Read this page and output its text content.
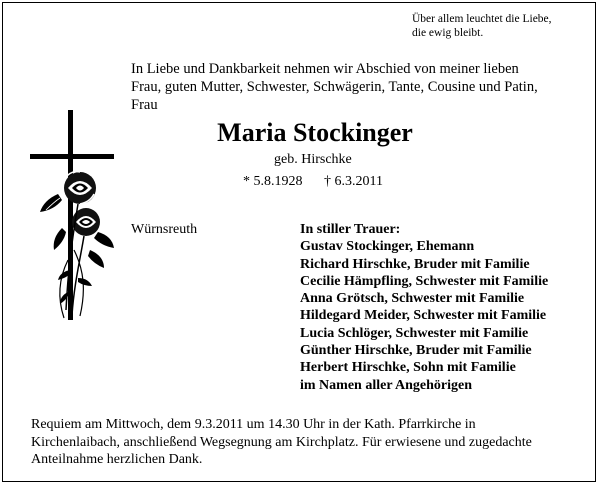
Über allem leuchtet die Liebe,
die ewig bleibt.
In Liebe und Dankbarkeit nehmen wir Abschied von meiner lieben
Frau, guten Mutter, Schwester, Schwägerin, Tante, Cousine und Patin,
Frau
Maria Stockinger
geb. Hirschke
* 5.8.1928 † 6.3.2011
Würnsreuth	In stiller Trauer:
Gustav Stockinger, Ehemann
Richard Hirschke, Bruder mit Familie
Cecilie Hämpfling, Schwester mit Familie
Anna Grötsch, Schwester mit Familie
Hildegard Meider, Schwester mit Familie
Lucia Schlöger, Schwester mit Familie
Günther Hirschke, Bruder mit Familie
Herbert Hirschke, Sohn mit Familie
im Namen aller Angehörigen
Requiem am Mittwoch, dem 9.3.2011 um 14.30 Uhr in der Kath. Pfarrkirche in
Kirchenlaibach, anschließend Wegsegnung am Kirchplatz. Für erwiesene und zugedachte
Anteilnahme herzlichen Dank.
